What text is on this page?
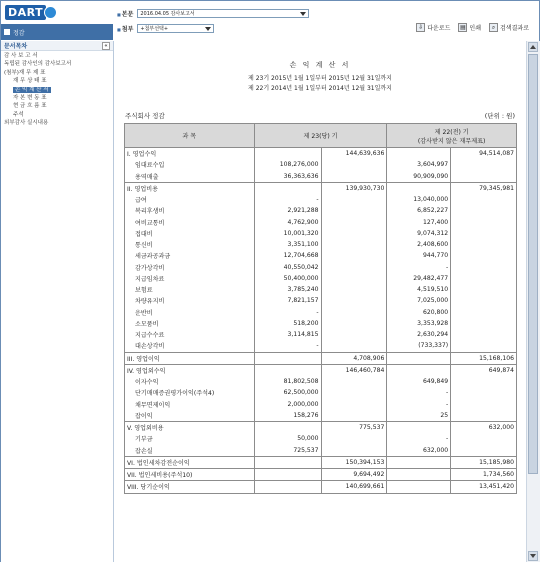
DART
정감
■ 본문 2016.04.05 감사보고서
■ 첨부 +첨부선택+	⇩ 다운로드 ▤ 인쇄	⌕ 검색결과로
문서목차	«
감 사 보 고 서
독립된 감사인의 감사보고서
(첨부)재 무 제 표
재 무 상 태 표
손 익 계 산 서
자 본 변 동 표
현 금 흐 름 표
주석
외부감사 실시내용
손 익 계 산 서
제 23기 2015년 1월 1일부터 2015년 12월 31일까지
제 22기 2014년 1월 1일부터 2014년 12월 31일까지
주식회사 정감	(단위 : 원)
과 목	제 23(당) 기		제 22(전) 기
(감사받지 않은 재무제표)	

I. 영업수익		144,639,636		94,514,087
임대료수입	108,276,000		3,604,997	
용역매출	36,363,636		90,909,090	
II. 영업비용		139,930,730		79,345,981
급여	-		13,040,000	
복리후생비	2,921,288		6,852,227	
여비교통비	4,762,900		127,400	
접대비	10,001,320		9,074,312	
통신비	3,351,100		2,408,600	
세금과공과금	12,704,668		944,770	
감가상각비	40,550,042		-	
지급임차료	50,400,000		29,482,477	
보험료	3,785,240		4,519,510	
차량유지비	7,821,157		7,025,000	
운반비	-		620,800	
소모품비	518,200		3,353,928	
지급수수료	3,114,815		2,630,294	
대손상각비	-		(733,337)	
III. 영업이익		4,708,906		15,168,106
IV. 영업외수익		146,460,784		649,874
이자수익	81,802,508		649,849	
단기매매증권평가이익(주석4)	62,500,000		-	
채무면제이익	2,000,000		-	
잡이익	158,276		25	
V. 영업외비용		775,537		632,000
기부금	50,000		-	
잡손실	725,537		632,000	
VI. 법인세차감전순이익		150,394,153		15,185,980
VII. 법인세비용(주석10)		9,694,492		1,734,560
VIII. 당기순이익		140,699,661		13,451,420
